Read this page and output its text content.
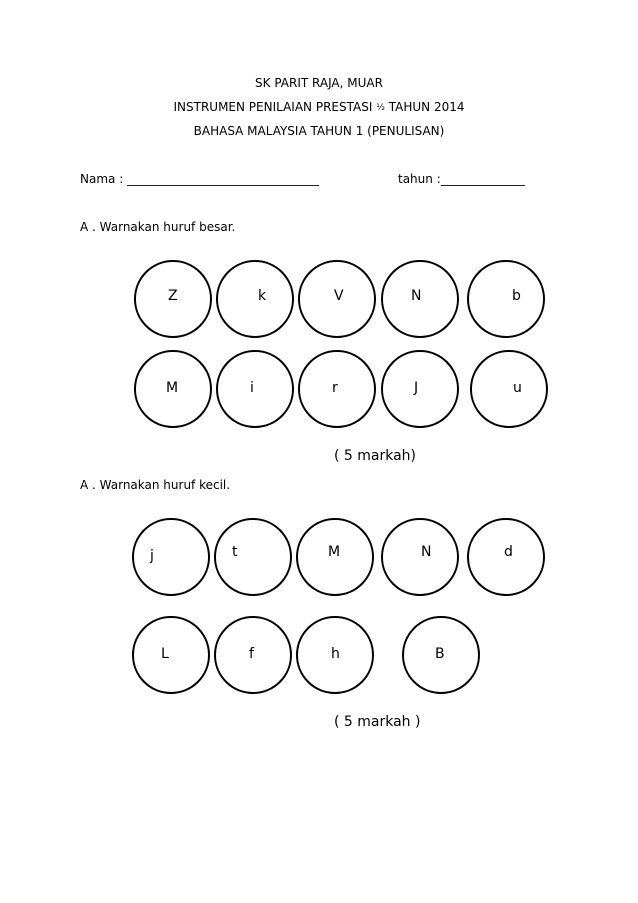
SK PARIT RAJA, MUAR
INSTRUMEN PENILAIAN PRESTASI ½ TAHUN 2014
BAHASA MALAYSIA TAHUN 1 (PENULISAN)
Nama : ________________________________	tahun :______________
A . Warnakan huruf besar.
Z	k	V	N	b
M	i	r	J	u
( 5 markah)
A . Warnakan huruf kecil.
j	t	M	N	d
L	f	h	B
( 5 markah )
